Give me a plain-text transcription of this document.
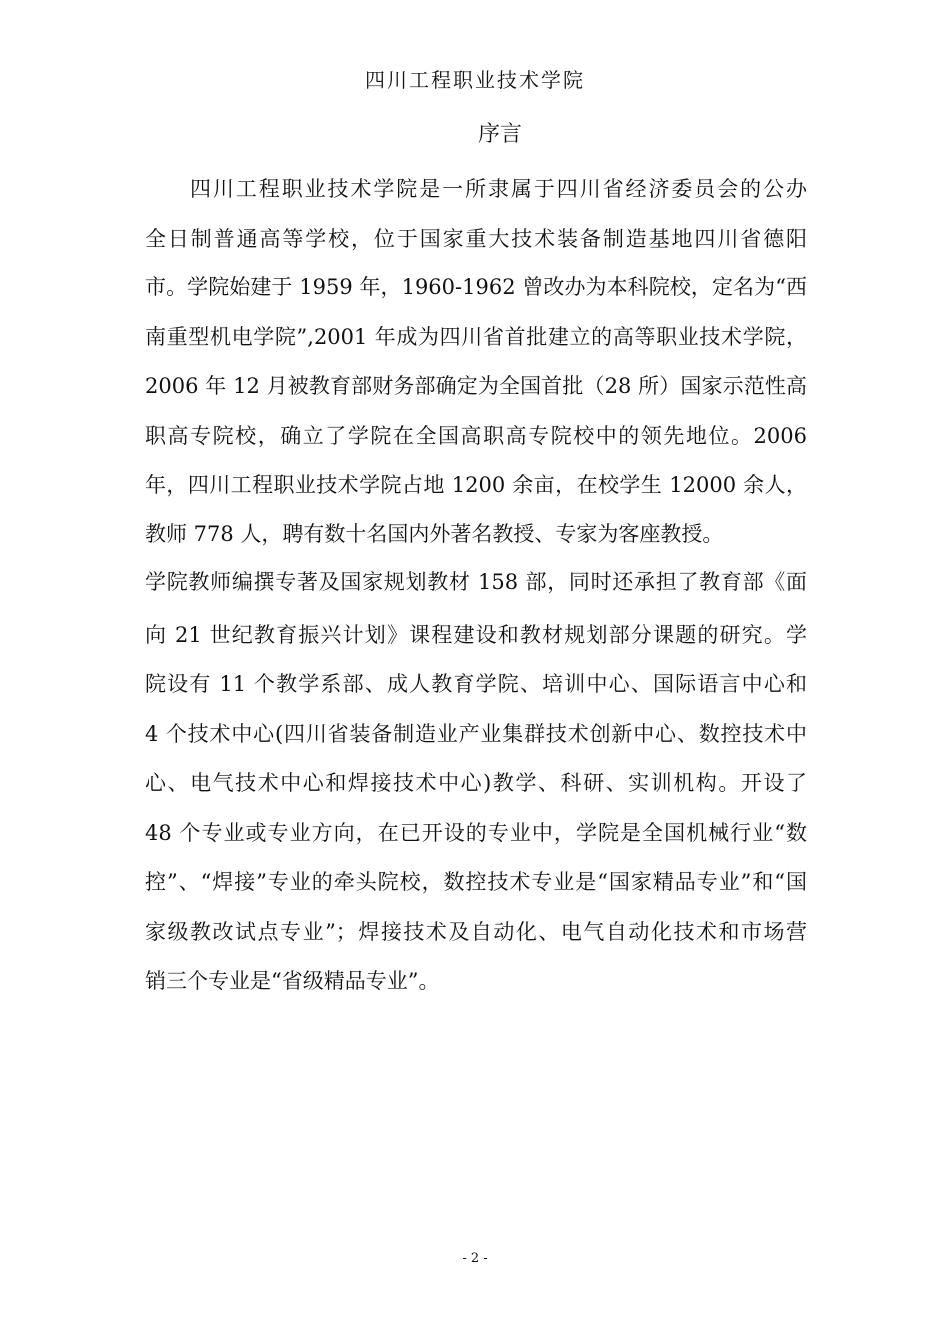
四川工程职业技术学院
序言
四川工程职业技术学院是一所隶属于四川省经济委员会的公办
全日制普通高等学校，位于国家重大技术装备制造基地四川省德阳
市。学院始建于 1959 年，1960-1962 曾改办为本科院校，定名为“西
南重型机电学院”,2001 年成为四川省首批建立的高等职业技术学院，
2006 年 12 月被教育部财务部确定为全国首批（28 所）国家示范性高
职高专院校，确立了学院在全国高职高专院校中的领先地位。2006
年，四川工程职业技术学院占地 1200 余亩，在校学生 12000 余人，
教师 778 人，聘有数十名国内外著名教授、专家为客座教授。
学院教师编撰专著及国家规划教材 158 部，同时还承担了教育部《面
向 21 世纪教育振兴计划》课程建设和教材规划部分课题的研究。学
院设有 11 个教学系部、成人教育学院、培训中心、国际语言中心和
4 个技术中心(四川省装备制造业产业集群技术创新中心、数控技术中
心、电气技术中心和焊接技术中心)教学、科研、实训机构。开设了
48 个专业或专业方向，在已开设的专业中，学院是全国机械行业“数
控”、“焊接”专业的牵头院校，数控技术专业是“国家精品专业”和“国
家级教改试点专业”；焊接技术及自动化、电气自动化技术和市场营
销三个专业是“省级精品专业”。
- 2 -
